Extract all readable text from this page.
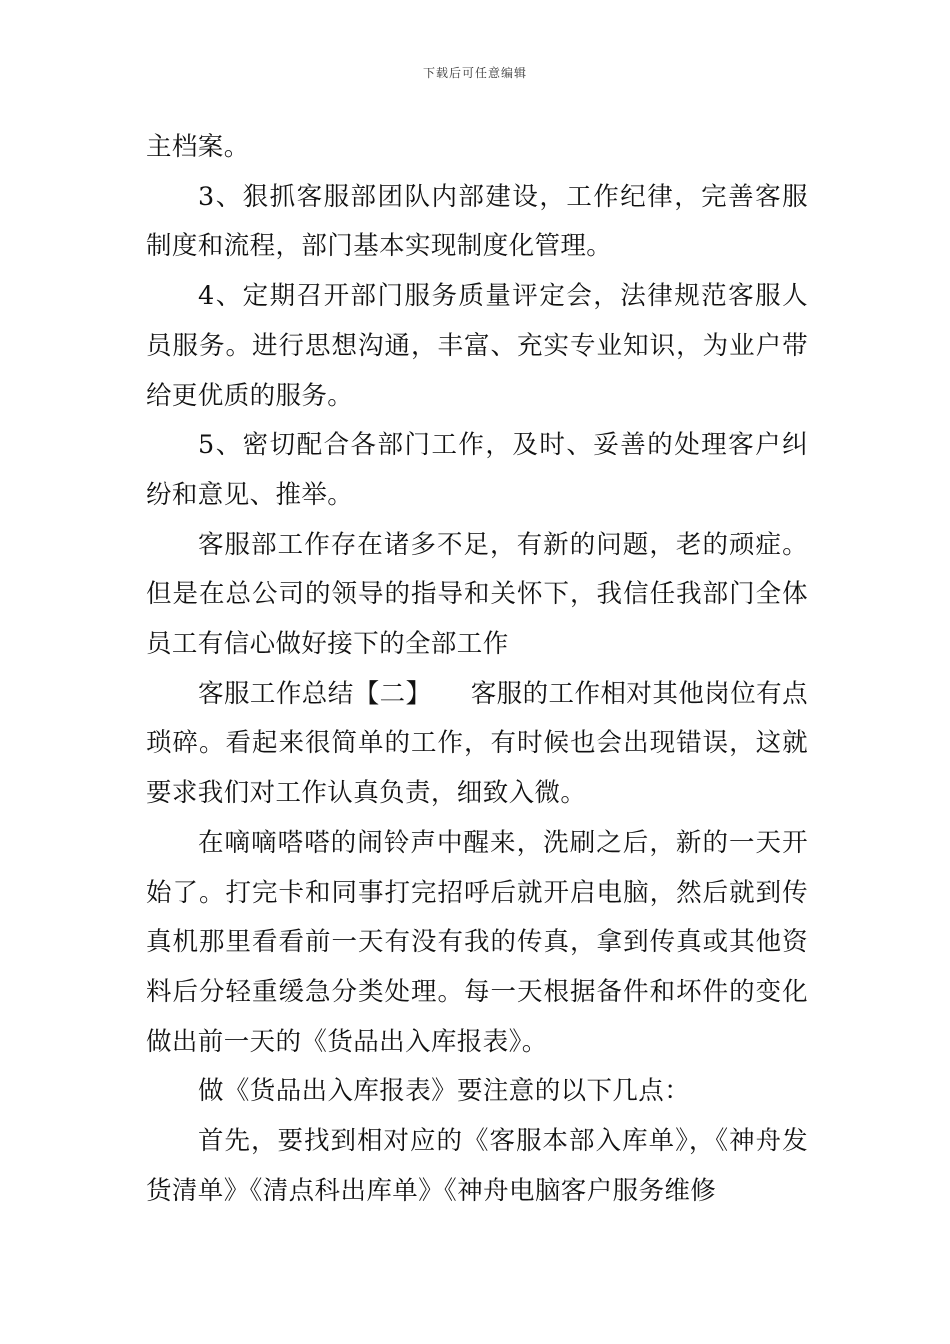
下载后可任意编辑

主档案。

3、狠抓客服部团队内部建设，工作纪律，完善客服制度和流程，部门基本实现制度化管理。

4、定期召开部门服务质量评定会，法律规范客服人员服务。进行思想沟通，丰富、充实专业知识，为业户带给更优质的服务。

5、密切配合各部门工作，及时、妥善的处理客户纠纷和意见、推举。

客服部工作存在诸多不足，有新的问题，老的顽症。但是在总公司的领导的指导和关怀下，我信任我部门全体员工有信心做好接下的全部工作

客服工作总结【二】　　客服的工作相对其他岗位有点琐碎。看起来很简单的工作，有时候也会出现错误，这就要求我们对工作认真负责，细致入微。

在嘀嘀嗒嗒的闹铃声中醒来，洗刷之后，新的一天开始了。打完卡和同事打完招呼后就开启电脑，然后就到传真机那里看看前一天有没有我的传真，拿到传真或其他资料后分轻重缓急分类处理。每一天根据备件和坏件的变化做出前一天的《货品出入库报表》。

做《货品出入库报表》要注意的以下几点：

首先，要找到相对应的《客服本部入库单》，《神舟发货清单》《清点科出库单》《神舟电脑客户服务维修
